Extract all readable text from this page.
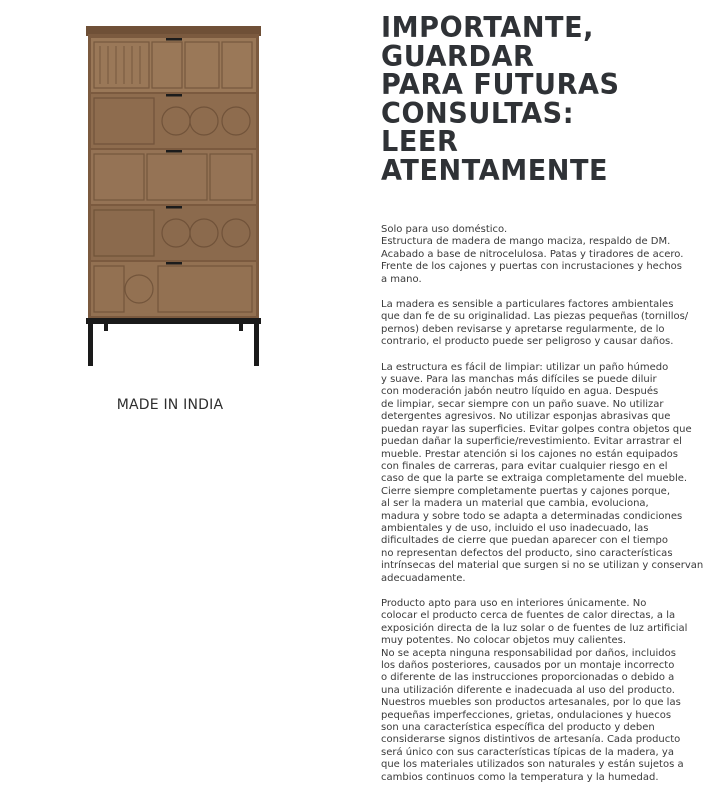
MADE IN INDIA
IMPORTANTE,
GUARDAR
PARA FUTURAS
CONSULTAS:
LEER
ATENTAMENTE

Solo para uso doméstico.
Estructura de madera de mango maciza, respaldo de DM.
Acabado a base de nitrocelulosa. Patas y tiradores de acero.
Frente de los cajones y puertas con incrustaciones y hechos
a mano.

La madera es sensible a particulares factores ambientales
que dan fe de su originalidad. Las piezas pequeñas (tornillos/
pernos) deben revisarse y apretarse regularmente, de lo
contrario, el producto puede ser peligroso y causar daños.

La estructura es fácil de limpiar: utilizar un paño húmedo
y suave. Para las manchas más difíciles se puede diluir
con moderación jabón neutro líquido en agua. Después
de limpiar, secar siempre con un paño suave. No utilizar
detergentes agresivos. No utilizar esponjas abrasivas que
puedan rayar las superficies. Evitar golpes contra objetos que
puedan dañar la superficie/revestimiento. Evitar arrastrar el
mueble. Prestar atención si los cajones no están equipados
con finales de carreras, para evitar cualquier riesgo en el
caso de que la parte se extraiga completamente del mueble.
Cierre siempre completamente puertas y cajones porque,
al ser la madera un material que cambia, evoluciona,
madura y sobre todo se adapta a determinadas condiciones
ambientales y de uso, incluido el uso inadecuado, las
dificultades de cierre que puedan aparecer con el tiempo
no representan defectos del producto, sino características
intrínsecas del material que surgen si no se utilizan y conservan
adecuadamente.

Producto apto para uso en interiores únicamente. No
colocar el producto cerca de fuentes de calor directas, a la
exposición directa de la luz solar o de fuentes de luz artificial
muy potentes. No colocar objetos muy calientes.
No se acepta ninguna responsabilidad por daños, incluidos
los daños posteriores, causados por un montaje incorrecto
o diferente de las instrucciones proporcionadas o debido a
una utilización diferente e inadecuada al uso del producto.
Nuestros muebles son productos artesanales, por lo que las
pequeñas imperfecciones, grietas, ondulaciones y huecos
son una característica específica del producto y deben
considerarse signos distintivos de artesanía. Cada producto
será único con sus características típicas de la madera, ya
que los materiales utilizados son naturales y están sujetos a
cambios continuos como la temperatura y la humedad.
